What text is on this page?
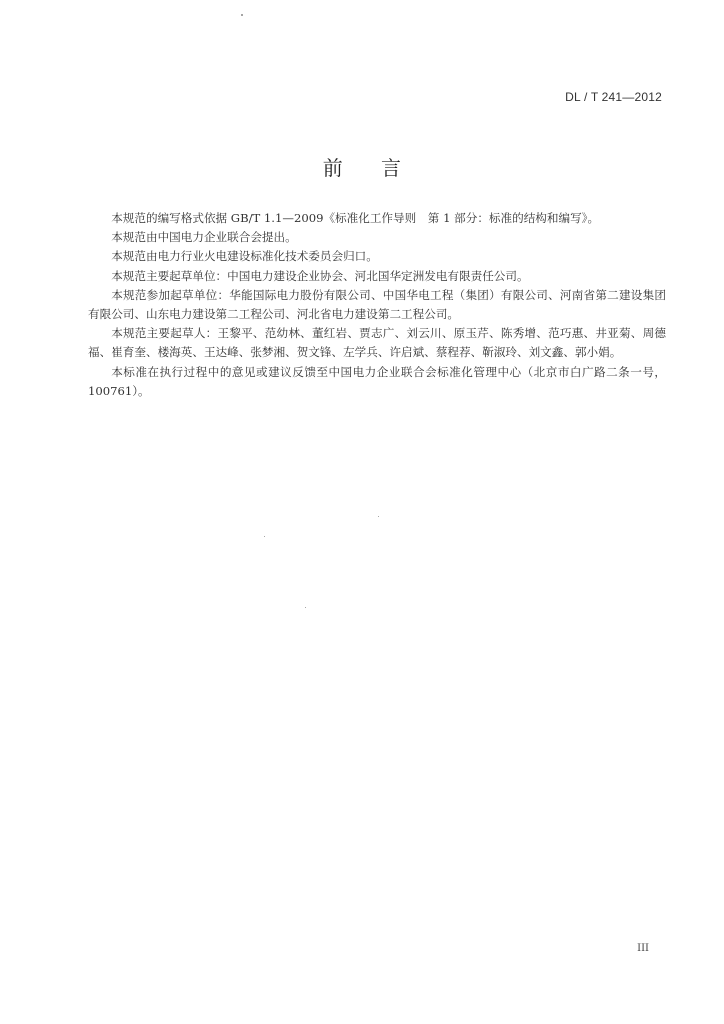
DL / T 241—2012
前 言

本规范的编写格式依据 GB/T 1.1—2009《标准化工作导则　第 1 部分：标准的结构和编写》。

本规范由中国电力企业联合会提出。

本规范由电力行业火电建设标准化技术委员会归口。

本规范主要起草单位：中国电力建设企业协会、河北国华定洲发电有限责任公司。

本规范参加起草单位：华能国际电力股份有限公司、中国华电工程（集团）有限公司、河南省第二建设集团有限公司、山东电力建设第二工程公司、河北省电力建设第二工程公司。

本规范主要起草人：王黎平、范幼林、董红岩、贾志广、刘云川、原玉芹、陈秀增、范巧惠、井亚菊、周德福、崔育奎、楼海英、王达峰、张梦湘、贺文锋、左学兵、许启斌、蔡程荐、靳淑玲、刘文鑫、郭小娟。

本标准在执行过程中的意见或建议反馈至中国电力企业联合会标准化管理中心（北京市白广路二条一号，100761）。

III
